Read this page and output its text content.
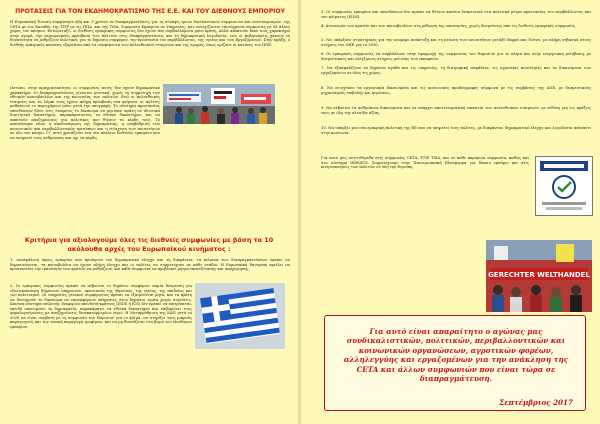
ΠΡΟΤΑΣΕΙΣ ΓΙΑ ΤΟΝ ΕΚΔΗΜΟΚΡΑΤΙΣΜΟ ΤΗΣ Ε.Ε. ΚΑΙ ΤΟΥ ΔΙΕΘΝΟΥΣ ΕΜΠΟΡΙΟΥ
Η Ευρωπαϊκή Ένωση συμφώνησε ήδη και 3 χρόνια σε διαπραγματεύσεις για τη σύναψη τριών διατλαντικών συμφωνιών και συνεταιρισμών, της CETA με τον Καναδά, της TTIP με τις ΗΠΑ, και της TiSA. Συμφωνία Εμπορίου σε Υπηρεσίες, και συνεχίζονται ταυτόχρονα συμφωνίες με 58 άλλες χώρες του κόσμου. Εντωμεταξύ, οι διεθνείς εμπορικές συμφωνίες δεν έχουν πια συμβαλλόμενα μόνο κράτη, αλλά αποκτούν δικό τους χαρακτήρα στην αγορά, την περιορισμένη πρόσβαση των πολιτών στις διαπραγματεύσεις και τη δημοκρατική λογοδοσία, ενώ οι κυβερνήσεις χάνουν τη δυνατότητα να ρυθμίζουν πολιτικές για το δημόσιο συμφέρον, την προστασία του περιβάλλοντος, της υγείας και των Εργαζομένων. Στην πράξη, ο διεθνής εμπορικός κανόνας εξαρτάται από τα συμφέροντα των πολυεθνικών εταιρειών και της αγοράς, όπως ορίζουν οι κανόνες του ΠΟΕ.
Ωστόσο, στην πραγματικότητα, οι συμφωνίες αυτές δεν έχουν δημοκρατικό χαρακτήρα. Οι διαπραγματεύσεις γίνονται μυστικά, χωρίς τη συμμετοχή των εθνικών κοινοβουλίων και της κοινωνίας των πολιτών. Ενώ οι πολυεθνικές εταιρείες και τα λόμπι τους έχουν πλήρη πρόσβαση στα κείμενα, οι πολίτες μαθαίνουν το περιεχόμενο μόνο μετά την υπογραφή. Το σύστημα προστασίας επενδύσεων δίνει στις εταιρείες το δικαίωμα να μηνύουν κράτη σε ιδιωτικά διαιτητικά δικαστήρια, παρακάμπτοντας τα εθνικά δικαστήρια, και να απαιτούν αποζημιώσεις για πολιτικές που θίγουν τα κέρδη τους. Το αποτέλεσμα είναι η αποδυνάμωση της δημοκρατίας, η υποβάθμιση των κοινωνικών και περιβαλλοντικών προτύπων και η ενίσχυση των ανισοτήτων σε όλο τον κόσμο. Γι’ αυτό χρειάζεται ένα νέο πλαίσιο διεθνούς εμπορίου που να υπηρετεί τους ανθρώπους και όχι τα κέρδη.
Κριτήρια για αξιολογούμε όλες τις διεθνείς συμφωνίες με βάση τα 10 ακόλουθα αρχές του Ευρωπαϊκού κινήματος :
1. Διασφάλιση όρους εμπορίου που προάγουν τον δημοκρατικό έλεγχο και τη διαφάνεια: τα κείμενα των διαπραγματεύσεων πρέπει να δημοσιεύονται, τα κοινοβούλια να έχουν πλήρη έλεγχο και οι πολίτες να συμμετέχουν σε κάθε στάδιο. Η Ευρωπαϊκή Επιτροπή οφείλει να προστατεύει την ικανότητα των κρατών να ρυθμίζουν, και κάθε συμφωνία να προβλέπει ρήτρα επανεξέτασης και αποχώρησης.
2. Οι εμπορικές συμφωνίες πρέπει να σέβονται το δημόσιο συμφέρον: καμία δέσμευση για ιδιωτικοποίηση δημόσιων υπηρεσιών, προστασία της ύδρευσης, της υγείας, της παιδείας και του πολιτισμού. Οι υπηρεσίες γενικού συμφέροντος πρέπει να εξαιρούνται ρητά, και τα κράτη να διατηρούν το δικαίωμα να επαναφέρουν υπηρεσίες στον δημόσιο τομέα χωρίς κυρώσεις. Κανένα σύστημα επίλυσης διαφορών επενδυτή-κράτους (ISDS ή ICS) δεν πρέπει να επιτρέπεται, επειδή υπονομεύει τη δημοκρατία, παρακάμπτει τα εθνικά δικαστήρια και επιβαρύνει τους φορολογούμενους με αποζημιώσεις δισεκατομμυρίων ευρώ. Η Μεταρρύθμιση της ΚΑΠ μετά το 2020 να είναι συμβατή με τη συμφωνία του Παρισιού για το κλίμα, να στηρίζει τους μικρούς παραγωγούς και την τοπική παραγωγή τροφίμων, και να μη θυσιάζεται στο βωμό του ελεύθερου εμπορίου.
3. Οι συμφωνίες εμπορίου και επενδύσεων δεν πρέπει να θέτουν κανένα δεσμευτικό στα πολιτικά μέτρα προστασίας του περιβάλλοντος και του κλίματος (ISDS).
4. Αυτονομία των κρατών και των κοινοβουλίων στη ρύθμιση της οικονομίας, χωρίς δεσμεύσεις από τις διεθνείς εμπορικές συμφωνίες.
5. Να υπάρξουν στρατηγικές για την αειφόρο ανάπτυξη και τη μείωση των ανισοτήτων μεταξύ Βορρά και Νότου, με πλήρη σεβασμό στους στόχους του ΟΗΕ για το 2030.
6. Οι εμπορικές συμφωνίες να συμβάλλουν στην εφαρμογή της συμφωνίας του Παρισιού για το κλίμα και στην ενεργειακή μετάβαση, με δεσμευτικούς και ελέγξιμους στόχους μείωσης των εκπομπών.
7. Να εξασφαλίζουν τα δημόσια αγαθά και τις υπηρεσίες, τη διατροφική ασφάλεια, τις αγροτικές κοινότητες και τα δικαιώματα των εργαζομένων σε όλες τις χώρες.
8. Να ενισχύουν τα εργασιακά δικαιώματα και τις κοινωνικές προδιαγραφές σύμφωνα με τις συμβάσεις της ΔΟΕ, με δεσμευτικούς μηχανισμούς επιβολής και κυρώσεις.
9. Να σέβονται τα ανθρώπινα δικαιώματα και να υπάρχει αποτελεσματική εποπτεία των πολυεθνικών εταιρειών, με ευθύνη για τις πράξεις τους σε όλη την αλυσίδα αξίας.
10. Να υπάρξει μια νέα εμπορική πολιτική της ΕΕ που να υπηρετεί τους πολίτες, με διαφάνεια, δημοκρατικό έλεγχο και λογοδοσία απέναντι στην κοινωνία.
Για αυτό μας αντιτιθέμεθα στις συμφωνίες CETA, TTIP, TiSA, και σε κάθε παρόμοια συμφωνία, καθώς και στο σύστημα ISDS/ICS. Συμμετέχουμε στην Πανευρωπαϊκή Πλατφόρμα για δίκαιο εμπόριο και στις κινητοποιήσεις των πολιτών σε όλη την Ευρώπη.
GERECHTER WELTHANDEL
Για αυτό είναι απαραίτητο ο αγώνας μας συνδικαλιστικών, πολιτικών, περιβαλλοντικών και κοινωνικών οργανώσεων, αγροτικών φορέων, αλληλεγγύης και εργαζομένων για την ανάκληση της CETA και άλλων συμφωνιών που είναι τώρα σε διαπραγμάτευση.
Σεπτέμβριος 2017
